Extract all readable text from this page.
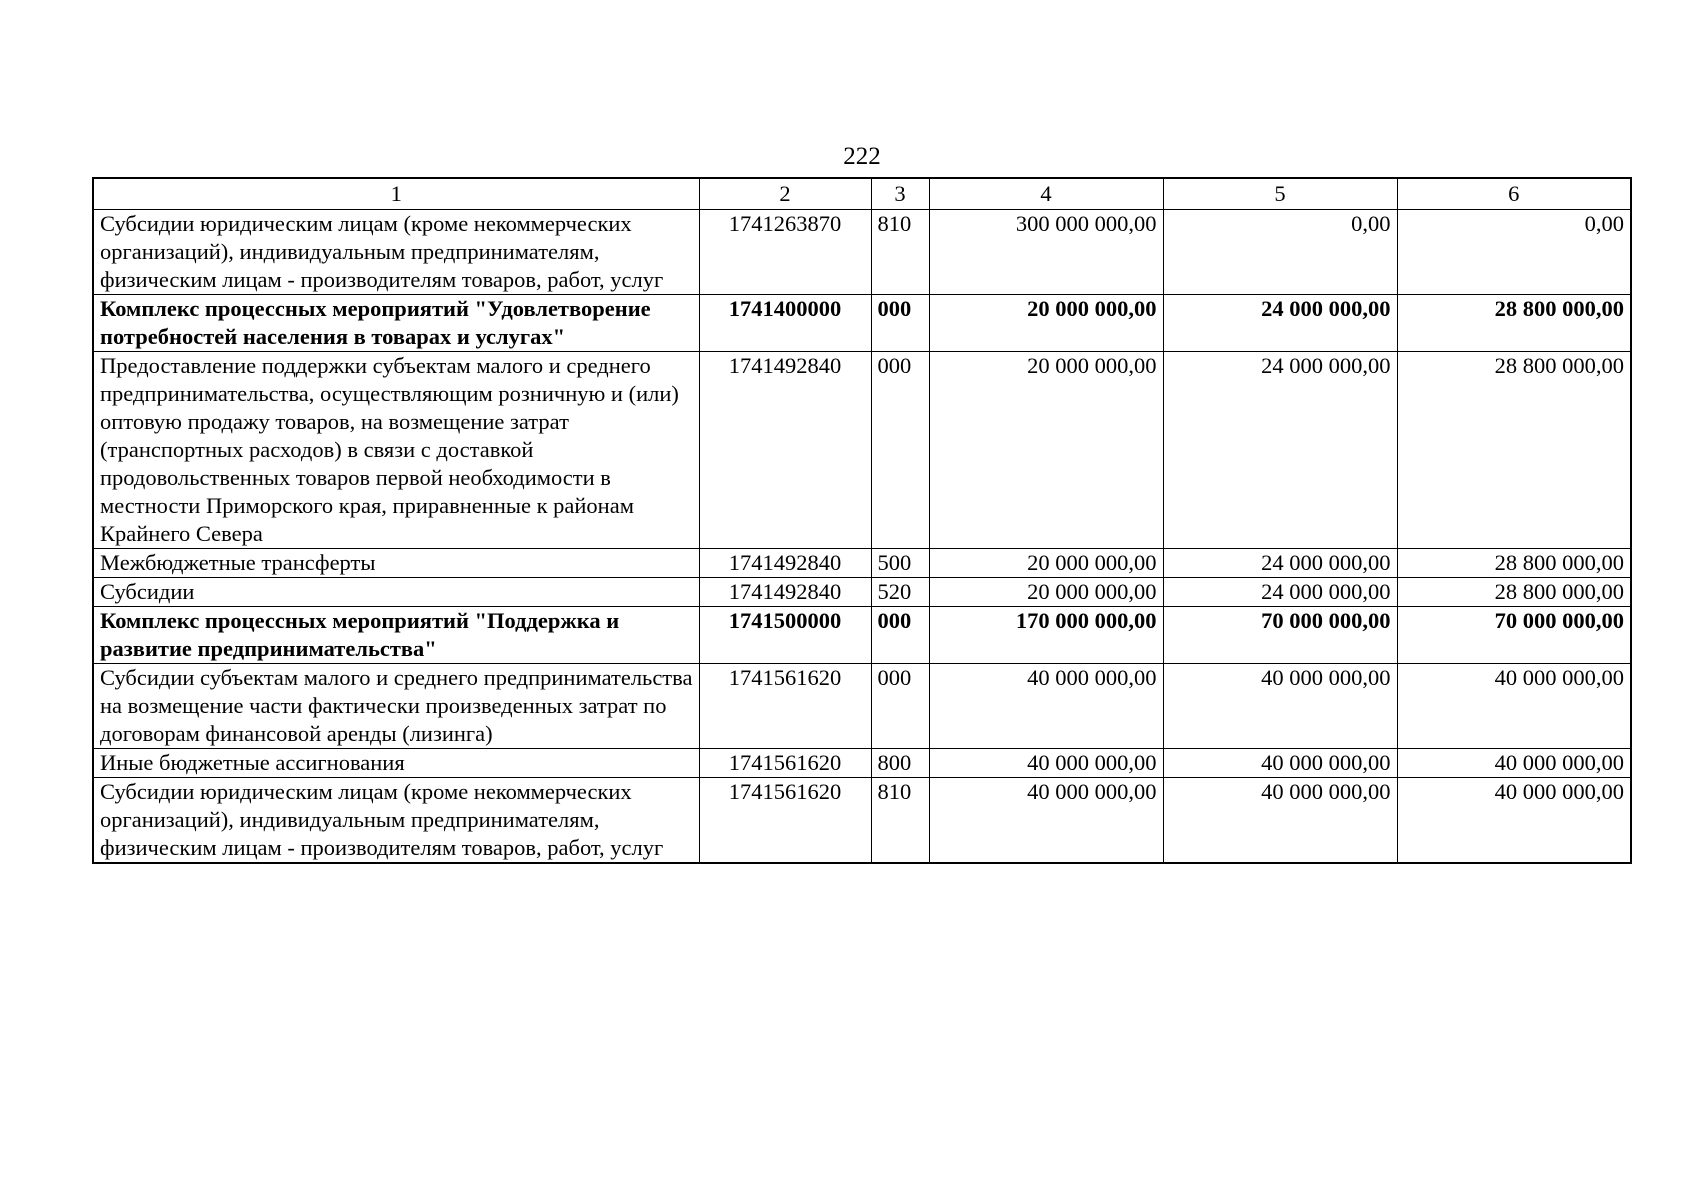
222
1	2	3	4	5	6
Субсидии юридическим лицам (кроме некоммерческих организаций), индивидуальным предпринимателям, физическим лицам - производителям товаров, работ, услуг	1741263870	810	300 000 000,00	0,00	0,00
Комплекс процессных мероприятий "Удовлетворение потребностей населения в товарах и услугах"	1741400000	000	20 000 000,00	24 000 000,00	28 800 000,00
Предоставление поддержки субъектам малого и среднего предпринимательства, осуществляющим розничную и (или) оптовую продажу товаров, на возмещение затрат (транспортных расходов) в связи с доставкой продовольственных товаров первой необходимости в местности Приморского края, приравненные к районам Крайнего Севера	1741492840	000	20 000 000,00	24 000 000,00	28 800 000,00
Межбюджетные трансферты	1741492840	500	20 000 000,00	24 000 000,00	28 800 000,00
Субсидии	1741492840	520	20 000 000,00	24 000 000,00	28 800 000,00
Комплекс процессных мероприятий "Поддержка и развитие предпринимательства"	1741500000	000	170 000 000,00	70 000 000,00	70 000 000,00
Субсидии субъектам малого и среднего предпринимательства на возмещение части фактически произведенных затрат по договорам финансовой аренды (лизинга)	1741561620	000	40 000 000,00	40 000 000,00	40 000 000,00
Иные бюджетные ассигнования	1741561620	800	40 000 000,00	40 000 000,00	40 000 000,00
Субсидии юридическим лицам (кроме некоммерческих организаций), индивидуальным предпринимателям, физическим лицам - производителям товаров, работ, услуг	1741561620	810	40 000 000,00	40 000 000,00	40 000 000,00
